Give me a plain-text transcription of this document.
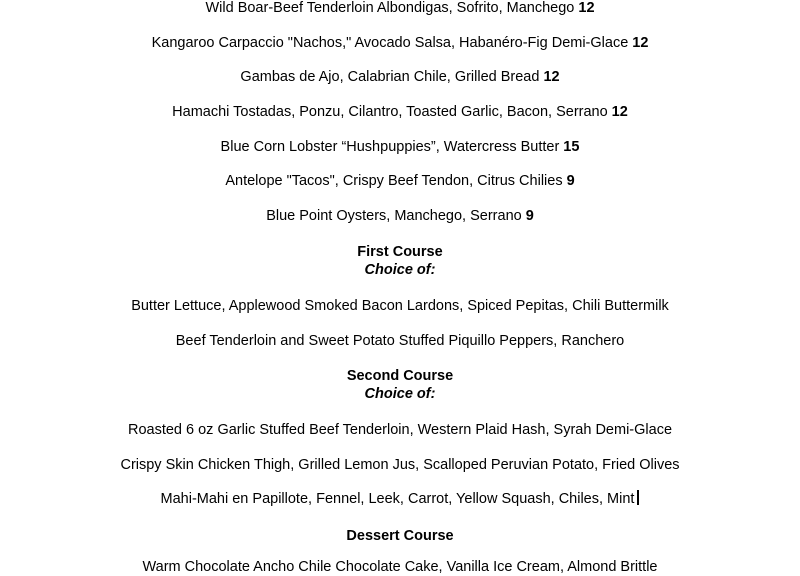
Wild Boar-Beef Tenderloin Albondigas, Sofrito, Manchego 12
Kangaroo Carpaccio "Nachos," Avocado Salsa, Habanéro-Fig Demi-Glace 12
Gambas de Ajo, Calabrian Chile, Grilled Bread 12
Hamachi Tostadas, Ponzu, Cilantro, Toasted Garlic, Bacon, Serrano 12
Blue Corn Lobster “Hushpuppies”, Watercress Butter 15
Antelope "Tacos", Crispy Beef Tendon, Citrus Chilies 9
Blue Point Oysters, Manchego, Serrano 9
First Course
Choice of:
Butter Lettuce, Applewood Smoked Bacon Lardons, Spiced Pepitas, Chili Buttermilk
Beef Tenderloin and Sweet Potato Stuffed Piquillo Peppers, Ranchero
Second Course
Choice of:
Roasted 6 oz Garlic Stuffed Beef Tenderloin, Western Plaid Hash, Syrah Demi-Glace
Crispy Skin Chicken Thigh, Grilled Lemon Jus, Scalloped Peruvian Potato, Fried Olives
Mahi-Mahi en Papillote, Fennel, Leek, Carrot, Yellow Squash, Chiles, Mint
Dessert Course
Warm Chocolate Ancho Chile Chocolate Cake, Vanilla Ice Cream, Almond Brittle
